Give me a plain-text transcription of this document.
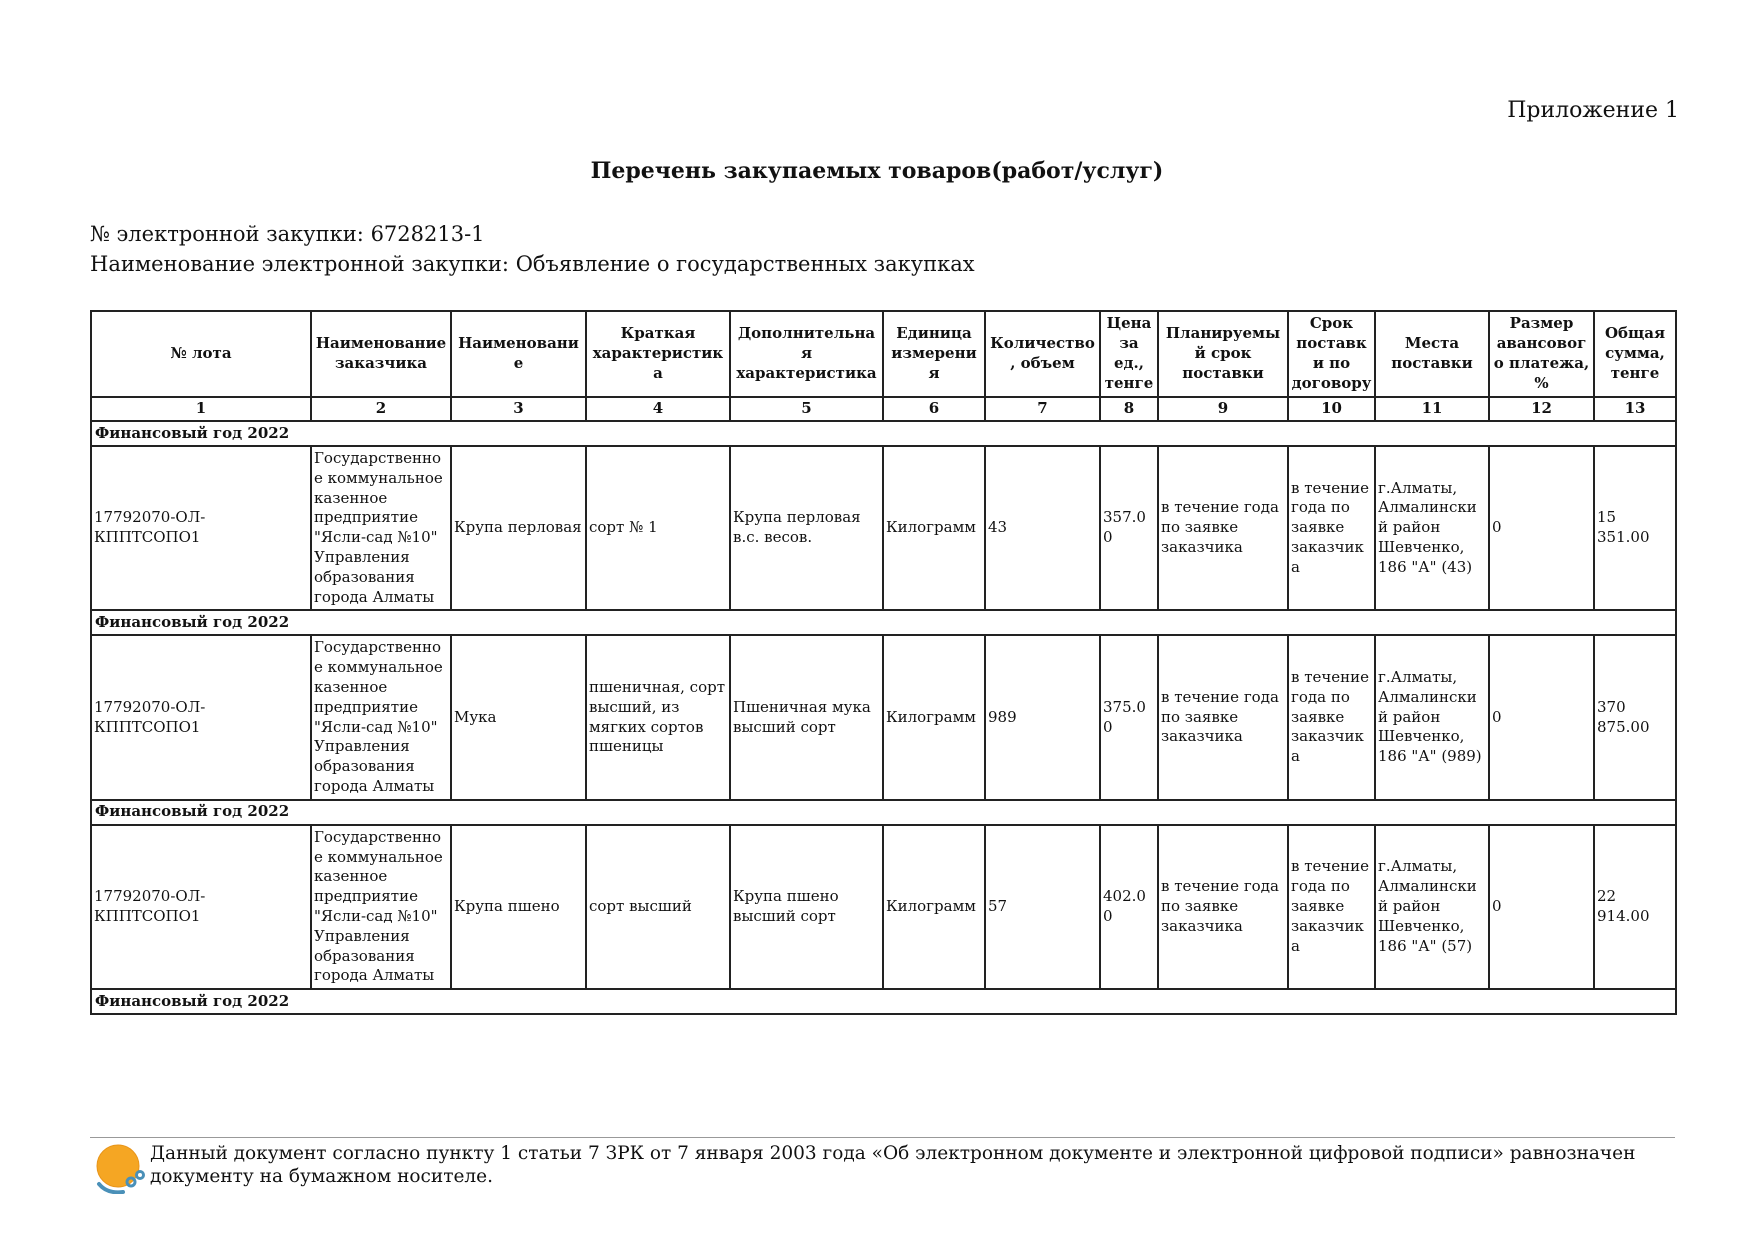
Приложение 1
Перечень закупаемых товаров(работ/услуг)
№ электронной закупки: 6728213-1
Наименование электронной закупки: Объявление о государственных закупках
№ лота	Наименование заказчика	Наименование	Краткая характеристика	Дополнительная характеристика	Единица измерения	Количество, объем	Цена за ед., тенге	Планируемый срок поставки	Срок поставки по договору	Места поставки	Размер авансового платежа, %	Общая сумма, тенге
1	2	3	4	5	6	7	8	9	10	11	12	13
Финансовый год 2022												
17792070-ОЛ-КППТСОПО1	Государственное коммунальное казенное предприятие "Ясли-сад №10" Управления образования города Алматы	Крупа перловая	сорт № 1	Крупа перловая в.с. весов.	Килограмм	43	357.00	в течение года по заявке заказчика	в течение года по заявке заказчика	г.Алматы, Алмалинский район Шевченко, 186 "А" (43)	0	15 351.00
Финансовый год 2022												
17792070-ОЛ-КППТСОПО1	Государственное коммунальное казенное предприятие "Ясли-сад №10" Управления образования города Алматы	Мука	пшеничная, сорт высший, из мягких сортов пшеницы	Пшеничная мука высший сорт	Килограмм	989	375.00	в течение года по заявке заказчика	в течение года по заявке заказчика	г.Алматы, Алмалинский район Шевченко, 186 "А" (989)	0	370 875.00
Финансовый год 2022												
17792070-ОЛ-КППТСОПО1	Государственное коммунальное казенное предприятие "Ясли-сад №10" Управления образования города Алматы	Крупа пшено	сорт высший	Крупа пшено высший сорт	Килограмм	57	402.00	в течение года по заявке заказчика	в течение года по заявке заказчика	г.Алматы, Алмалинский район Шевченко, 186 "А" (57)	0	22 914.00
Финансовый год 2022												
Данный документ согласно пункту 1 статьи 7 ЗРК от 7 января 2003 года «Об электронном документе и электронной цифровой подписи» равнозначен документу на бумажном носителе.
